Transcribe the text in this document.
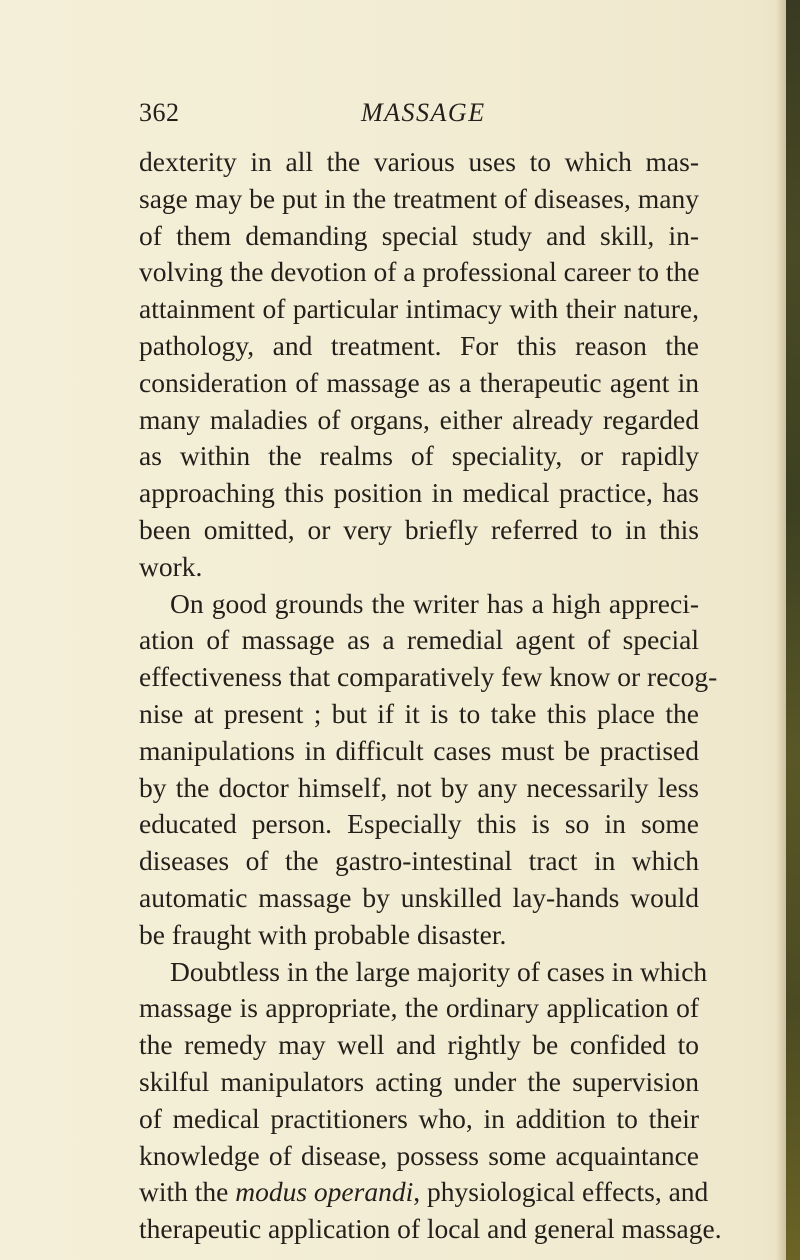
362	MASSAGE
dexterity in all the various uses to which mas-
sage may be put in the treatment of diseases, many
of them demanding special study and skill, in-
volving the devotion of a professional career to the
attainment of particular intimacy with their nature,
pathology, and treatment. For this reason the
consideration of massage as a therapeutic agent in
many maladies of organs, either already regarded
as within the realms of speciality, or rapidly
approaching this position in medical practice, has
been omitted, or very briefly referred to in this
work.
On good grounds the writer has a high appreci-
ation of massage as a remedial agent of special
effectiveness that comparatively few know or recog-
nise at present ; but if it is to take this place the
manipulations in difficult cases must be practised
by the doctor himself, not by any necessarily less
educated person. Especially this is so in some
diseases of the gastro-intestinal tract in which
automatic massage by unskilled lay-hands would
be fraught with probable disaster.
Doubtless in the large majority of cases in which
massage is appropriate, the ordinary application of
the remedy may well and rightly be confided to
skilful manipulators acting under the supervision
of medical practitioners who, in addition to their
knowledge of disease, possess some acquaintance
with the modus operandi, physiological effects, and
therapeutic application of local and general massage.
